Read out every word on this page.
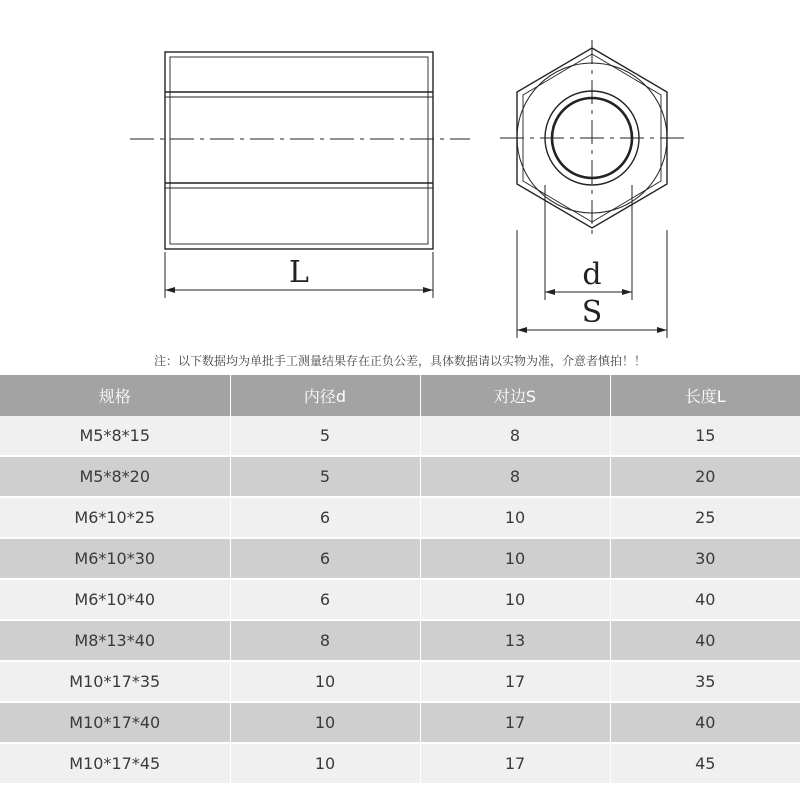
L	d
S
注：以下数据均为单批手工测量结果存在正负公差，具体数据请以实物为准，介意者慎拍！！
规格	内径d	对边S	长度L
M5*8*15	5	8	15
M5*8*20	5	8	20
M6*10*25	6	10	25
M6*10*30	6	10	30
M6*10*40	6	10	40
M8*13*40	8	13	40
M10*17*35	10	17	35
M10*17*40	10	17	40
M10*17*45	10	17	45
